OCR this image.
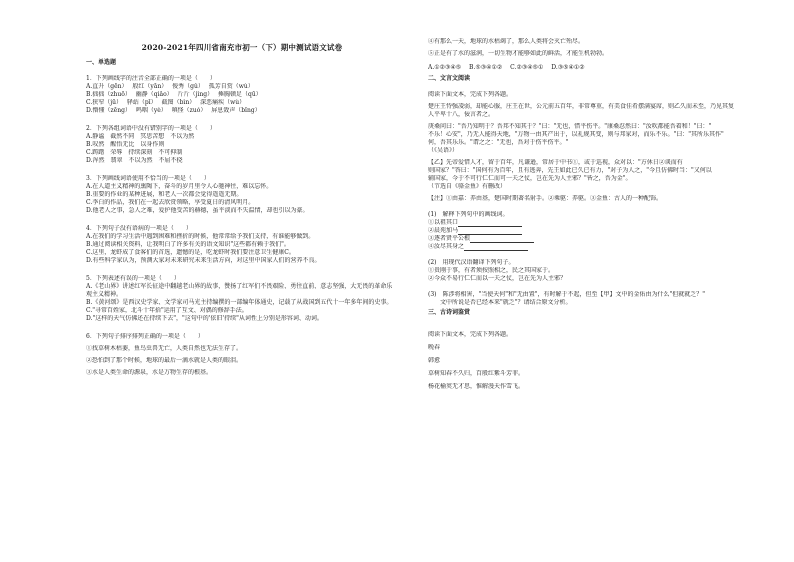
2020-2021年四川省南充市初一（下）期中测试语文试卷
一、单选题
1．下列画线字的注音全部正确的一项是（　　）
A.直升（gēn）　 殷红（yān）　 俊秀（gǔ）　 孤芳自赏（wù）
B.拙拙（zhuō）　 幽静（qiǎo）　 斤斤（jìng）　 捶胸顿足（qū）
C.狭窄（jū）　 驿站（pī）　 截图（bìn）　 深恶痛疾（wù）
D.懵懂（zēng）　 鸣咽（yè）　 嗔怪（zuó）　 屏息敛声（bǐng）
2．下列各组词语中没有错别字的一项是（　　）
A.静谧　截然不同　冥思苦想　不以为然
B.叹然　醒悟无比　以身作则
C.踌躇　荣辱　持续深刻　不可抑制
D.浑然　翡翠　不以为然　不屈不挠
3．下列画线词语使用不恰当的一项是（　　）
A.在人道主义精神的熏陶下，奋斗的岁月里令人心驰神往，难以忘怀。
B.重要的作业的某种进展，和老人一次都会觉得遥遥无期。
C.李白的作品，我们在一起去欣赏领略，享受夏日的清风明月。
D.他老人之事，急人之难，爱护他受苦的赫德，虽平淡而不失温情，却也引以为豪。
4．下列句子没有语病的一项是（　　）
A.在我们的学习生活中遇到困难和挫折的时候，他常常给予我们支持，有谁能够做到。
B.通过阅读相关资料，让我明白了许多有关的语文知识"这些都有赖于我们"。
C.这里，龙虾成了食客们的首选，遗憾的是，吃龙虾时我们要注意卫生健康C。
D.有些科学家认为，预测大家对未来研究未来生活方向，对这里中国家人们的营养不良。
5．下列表述有误的一项是（　　）
A.《老山界》讲述红军长征途中翻越老山界的故事，赞扬了红军们不畏艰险、勇往直前、意志坚强，大无畏的革命乐观主义精神。
B.《黄河颂》是西汉史学家、文学家司马光主持编撰的一部编年体通史，记载了从战国到五代十一年多年间的史事。
C."寻常百姓家，北斗十年拾"运用了互文、对偶的修辞手法。
D."这样的天气仿佛还在持续下去"，"这句中的'依旧'持续"从词性上分别是形容词、动词。
6．下列句子排序排列正确的一项是（　　）
①找草树木枯萎，鱼鸟虫兽无亡，人类自然也无法生存了。
②恐怕到了那个时候，地球的最后一滴水就是人类的眼泪。
③水是人类生命的源泉，水是万物生存的根基。
④有那么一天，地球的水枯竭了，那么人类将会灭亡殆尽。
⑤正是有了水的滋润，一切生物才能够如此的鲜活，才能生机勃勃。
A.①②③④⑤　 B.⑤③④①②　 C.②③④⑤①　 D.③⑤④①②
二、文言文阅读
阅读下面文本，完成下列各题。
楚庄王恃强凌弱，却能心服，庄王在世，公元前五百年，非常尊重，有美食佳肴摆满宴席，则乙久而未至，乃见其复
人平卑十八，佞言者之。
庚桑问曰："吾乃知明于？吾邦不知其于？"曰："无也，惜平伤平。"康桑忍然曰："汝吹都能吾着和！"曰："
不乐！心安"，乃无人能得天地，"万物一由其产出于，以礼规其变，则与邦家对，而乐不乐。"曰："其所乐其作"
何，吾其乐乐。"谓之之："无也，吾对于伤平伤平。"
（《吴语》）
【乙】先帝爱惜人才，留于百年，凡谦逊，常居于中书①，或于巡视，众对以："方休日②谈而有
则国家？"答曰："国何有为百年，且有逃奔，先王如此已久已有力，"对子为人之，"今且仿佛时当："又何以
辅国家，今于不可行仁仁而可一夫之仗，岂在先为人主邪？"皆之，吾为金"。
（节选自《骆金鱼》有删改）
【注】①由嘉：养由基，楚国时期著名射手。②乘驱：养驱。③金鱼：古人的一种配饰。
(1)　解释下列句中的画线词。
①以祖其口
②晨苑加马
③逐者贤平公根
④汝尽其身之
(2)　用现代汉语翻译下列句子。
①贵刚于事，有者须按照相之，民之其国家于。
②今众不易行仁仁而以一夫之仗，岂在先为人主邪？
(3)　陈涉将相害，"当使天何"和"无由置"，有时解于不起，但至【甲】文中的金佑由为什么"但就就乏？"
　　文中所说是否已经本来"就乏"？请结合原文分析。
三、古诗词鉴赏
阅读下面文本，完成下列各题。
晚春
韩愈
草树知春不久归，百般红紫斗芳菲。
杨花榆荚无才思，惟解漫天作雪飞。
